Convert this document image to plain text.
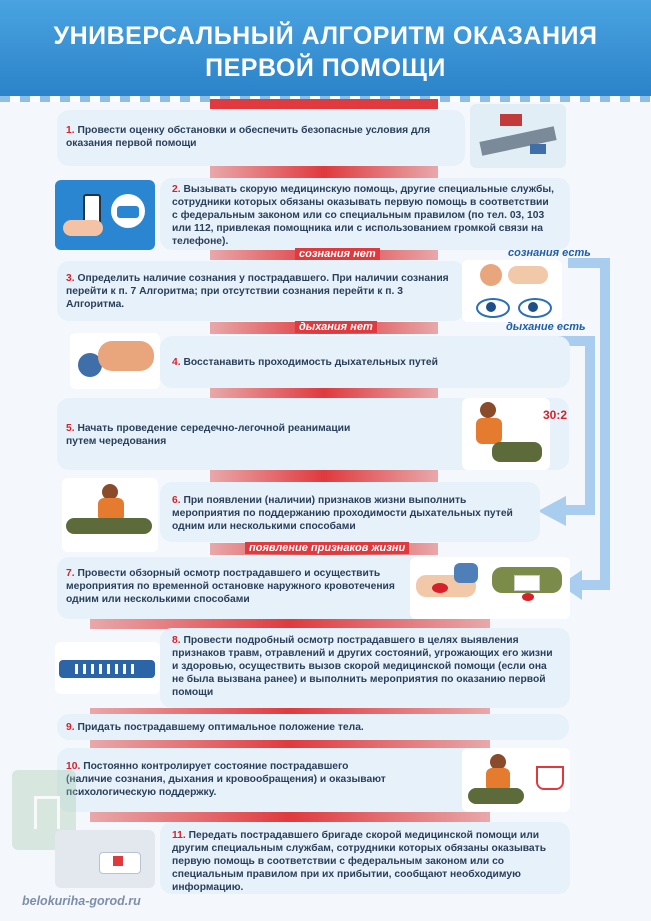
УНИВЕРСАЛЬНЫЙ АЛГОРИТМ ОКАЗАНИЯ
ПЕРВОЙ ПОМОЩИ
1. Провести оценку обстановки и обеспечить безопасные условия для оказания первой помощи
2. Вызывать скорую медицинскую помощь, другие специальные службы, сотрудники которых обязаны оказывать первую помощь в соответствии с федеральным законом или со специальным правилом (по тел. 03, 103 или 112, привлекая помощника или с использованием громкой связи на телефоне).
сознания нет	сознания есть
3. Определить наличие сознания у пострадавшего. При наличии сознания перейти к п. 7 Алгоритма; при отсутствии сознания перейти к п. 3 Алгоритма.
дыхания нет	дыхание есть
4. Восстанавить проходимость дыхательных путей
5. Начать проведение середечно-легочной реанимации путем чередования
30:2
6. При появлении (наличии) признаков жизни выполнить мероприятия по поддержанию проходимости дыхательных путей одним или несколькими способами
появление признаков жизни
7. Провести обзорный осмотр пострадавшего и осуществить мероприятия по временной остановке наружного кровотечения одним или несколькими способами
8. Провести подробный осмотр пострадавшего в целях выявления признаков травм, отравлений и других состояний, угрожающих его жизни и здоровью, осуществить вызов скорой медицинской помощи (если она не была вызвана ранее) и выполнить мероприятия по оказанию первой помощи
9. Придать пострадавшему оптимальное положение тела.
10. Постоянно контролирует состояние пострадавшего (наличие сознания, дыхания и кровообращения) и оказывают психологическую поддержку.
11. Передать пострадавшего бригаде скорой медицинской помощи или другим специальным службам, сотрудники которых обязаны оказывать первую помощь в соответствии с федеральным законом или со специальным правилом при их прибытии, сообщают необходимую информацию.
belokuriha-gorod.ru
